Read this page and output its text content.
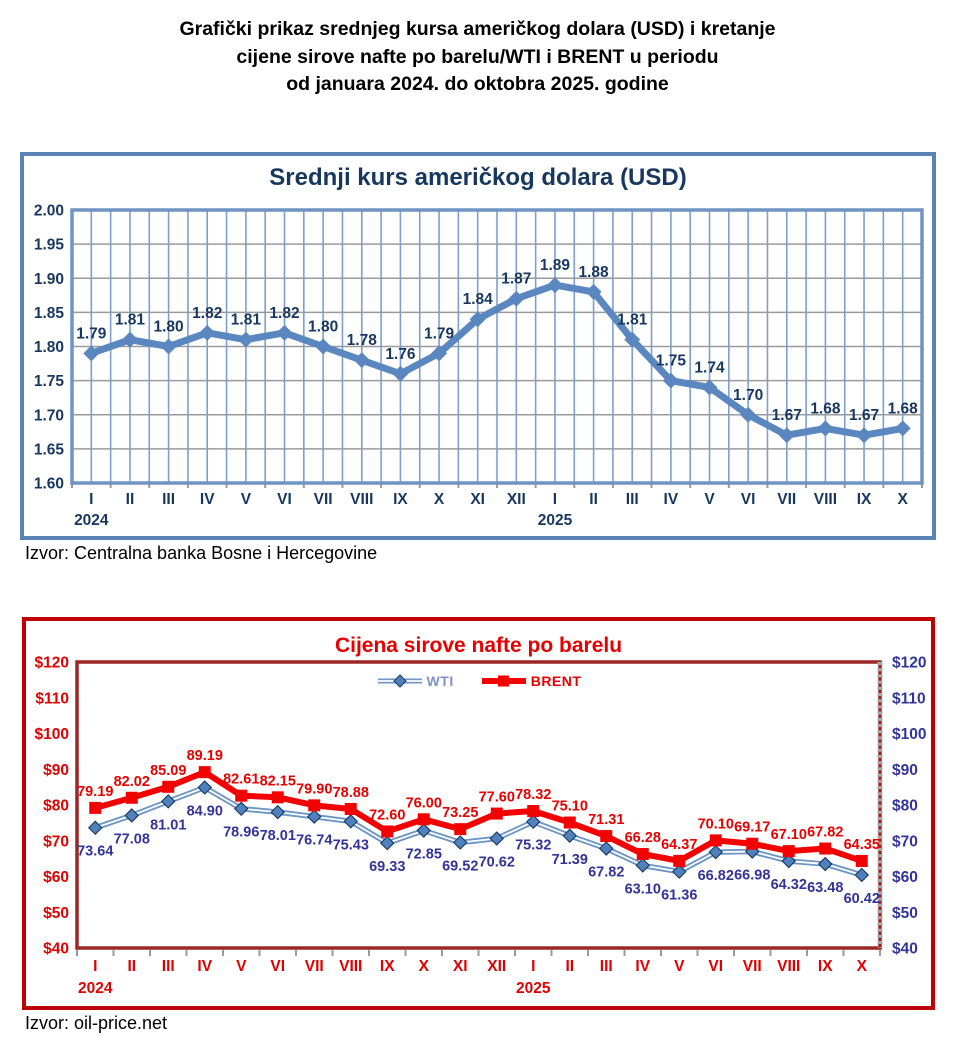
Grafički prikaz srednjeg kursa američkog dolara (USD) i kretanje
cijene sirove nafte po barelu/WTI i BRENT u periodu
od januara 2024. do oktobra 2025. godine
Srednji kurs američkog dolara (USD)
2.00
1.95
1.90
1.85
1.80
1.75
1.70
1.65
1.60
I II III IV V VI VII VIII IX X XI XII I II III IV V VI VII VIII IX X
2024	2025
1.79
1.81 1.80
1.82 1.81 1.82
1.80
1.78
1.76
1.79
1.84
1.87
1.89 1.88
1.81
1.75 1.74
1.70
1.67 1.68 1.67 1.68
Izvor: Centralna banka Bosne i Hercegovine
Cijena sirove nafte po barelu
WTI	BRENT
$120	$120
$110	$110
$100	$100
$90	$90
$80	$80
$70	$70
$60	$60
$50	$50
$40	$40
I II III IV V VI VII VIII IX X XI XII I II III IV V VI VII VIII IX X
2024	2025
79.19
82.02
85.09
89.19
82.61 82.15
79.90 78.88
72.60
76.00
73.25
77.60 78.32
75.10
71.31
66.28 64.37
70.10 69.17 67.10 67.82
64.35
73.64
77.08
81.01
84.90
78.96 78.01 76.74 75.43
69.33
72.85
69.52 70.62
75.32
71.39
67.82
63.10 61.36
66.82 66.98
64.32 63.48
60.42
Izvor: oil-price.net
